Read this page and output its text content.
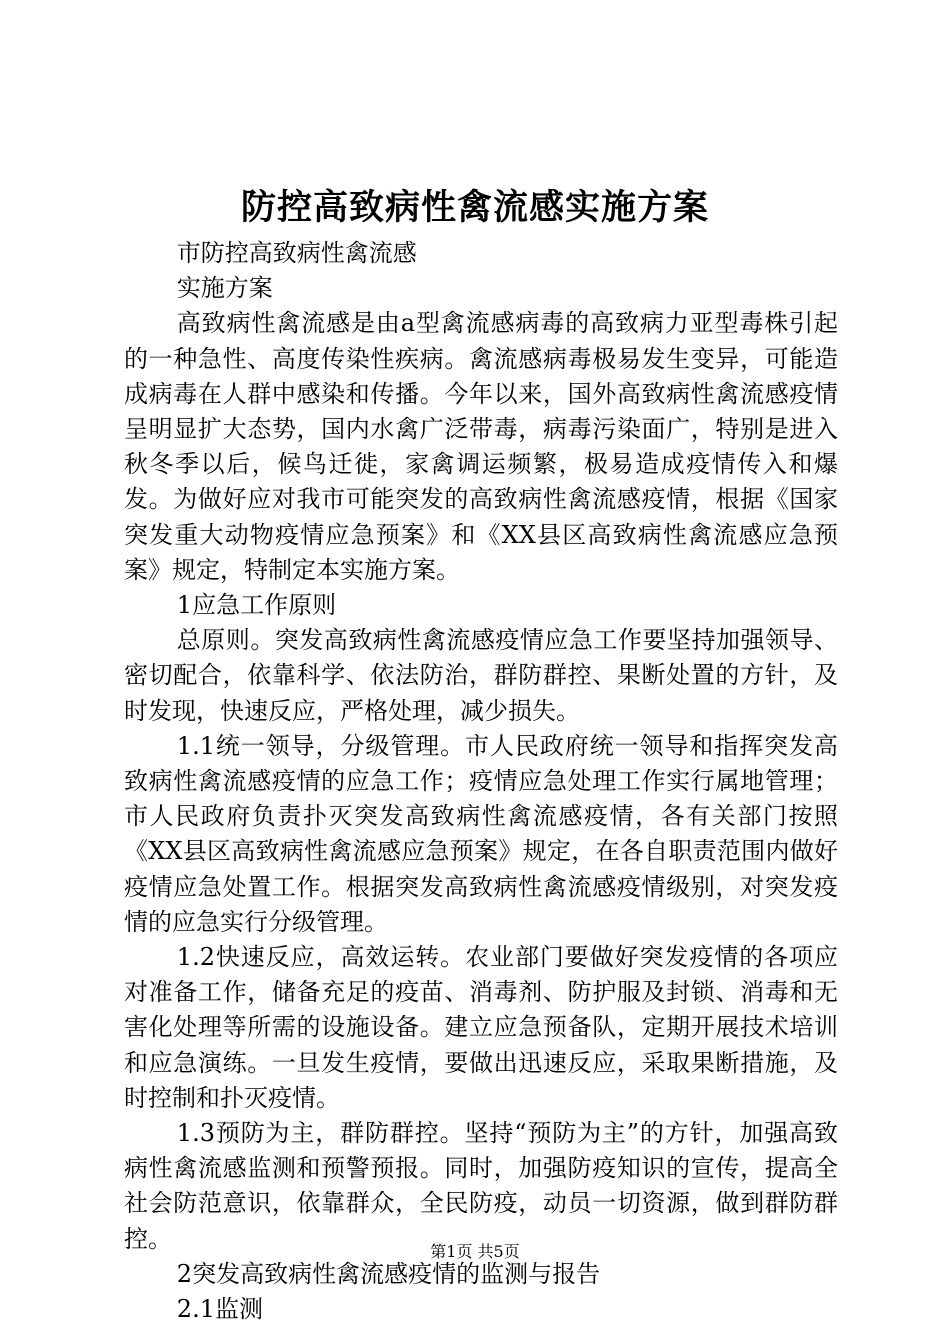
防控高致病性禽流感实施方案

市防控高致病性禽流感

实施方案

高致病性禽流感是由a型禽流感病毒的高致病力亚型毒株引起的一种急性、高度传染性疾病。禽流感病毒极易发生变异，可能造成病毒在人群中感染和传播。今年以来，国外高致病性禽流感疫情呈明显扩大态势，国内水禽广泛带毒，病毒污染面广，特别是进入秋冬季以后，候鸟迁徙，家禽调运频繁，极易造成疫情传入和爆发。为做好应对我市可能突发的高致病性禽流感疫情，根据《国家突发重大动物疫情应急预案》和《XX县区高致病性禽流感应急预案》规定，特制定本实施方案。

1应急工作原则

总原则。突发高致病性禽流感疫情应急工作要坚持加强领导、密切配合，依靠科学、依法防治，群防群控、果断处置的方针，及时发现，快速反应，严格处理，减少损失。

1.1统一领导，分级管理。市人民政府统一领导和指挥突发高致病性禽流感疫情的应急工作；疫情应急处理工作实行属地管理；市人民政府负责扑灭突发高致病性禽流感疫情，各有关部门按照《XX县区高致病性禽流感应急预案》规定，在各自职责范围内做好疫情应急处置工作。根据突发高致病性禽流感疫情级别，对突发疫情的应急实行分级管理。

1.2快速反应，高效运转。农业部门要做好突发疫情的各项应对准备工作，储备充足的疫苗、消毒剂、防护服及封锁、消毒和无害化处理等所需的设施设备。建立应急预备队，定期开展技术培训和应急演练。一旦发生疫情，要做出迅速反应，采取果断措施，及时控制和扑灭疫情。

1.3预防为主，群防群控。坚持“预防为主”的方针，加强高致病性禽流感监测和预警预报。同时，加强防疫知识的宣传，提高全社会防范意识，依靠群众，全民防疫，动员一切资源，做到群防群控。

2突发高致病性禽流感疫情的监测与报告

2.1监测

第1页 共5页
